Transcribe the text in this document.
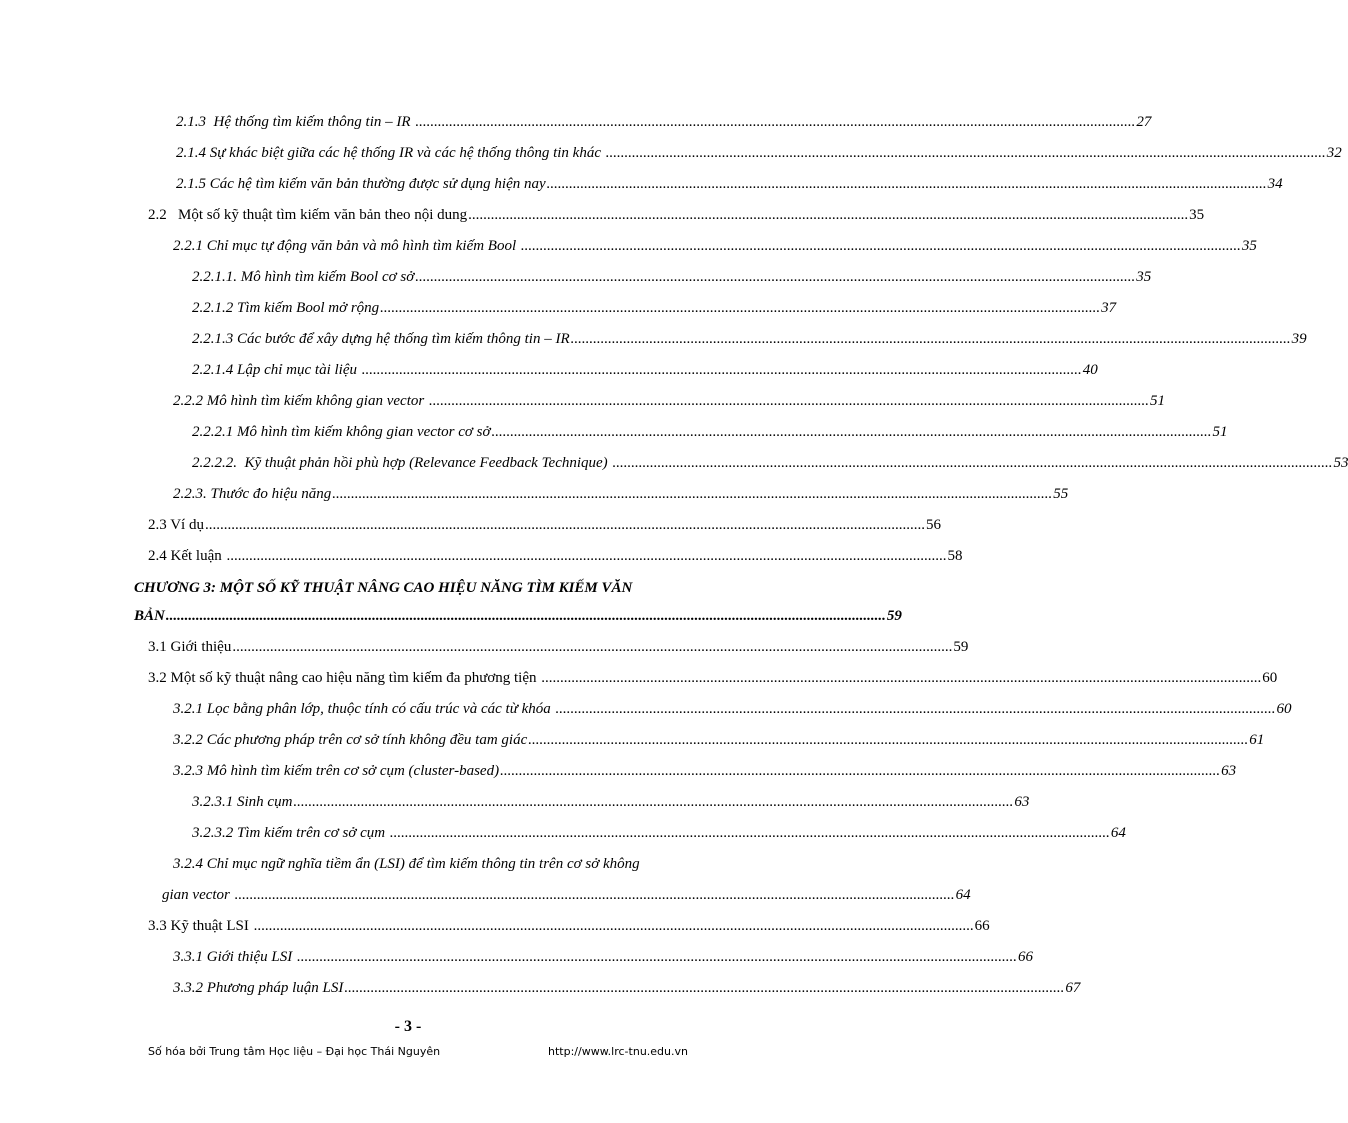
2.1.3  Hệ thống tìm kiếm thông tin – IR ................................................................................................................................................................................................ 27
2.1.4 Sự khác biệt giữa các hệ thống IR và các hệ thống thông tin khác ................................................................................................................................................................................................ 32
2.1.5 Các hệ tìm kiếm văn bản thường được sử dụng hiện nay ................................................................................................................................................................................................ 34
2.2   Một số kỹ thuật tìm kiếm văn bản theo nội dung ................................................................................................................................................................................................ 35
2.2.1 Chỉ mục tự động văn bản và mô hình tìm kiếm Bool ................................................................................................................................................................................................ 35
2.2.1.1. Mô hình tìm kiếm Bool cơ sở ................................................................................................................................................................................................ 35
2.2.1.2 Tìm kiếm Bool mở rộng ................................................................................................................................................................................................ 37
2.2.1.3 Các bước để xây dựng hệ thống tìm kiếm thông tin – IR ................................................................................................................................................................................................ 39
2.2.1.4 Lập chỉ mục tài liệu ................................................................................................................................................................................................ 40
2.2.2 Mô hình tìm kiếm không gian vector ................................................................................................................................................................................................ 51
2.2.2.1 Mô hình tìm kiếm không gian vector cơ sở ................................................................................................................................................................................................ 51
2.2.2.2.  Kỹ thuật phản hồi phù hợp (Relevance Feedback Technique) ................................................................................................................................................................................................ 53
2.2.3. Thước đo hiệu năng ................................................................................................................................................................................................ 55
2.3 Ví dụ ................................................................................................................................................................................................ 56
2.4 Kết luận ................................................................................................................................................................................................ 58
CHƯƠNG 3: MỘT SỐ KỸ THUẬT NÂNG CAO HIỆU NĂNG TÌM KIẾM VĂN
BẢN ................................................................................................................................................................................................ 59
3.1 Giới thiệu ................................................................................................................................................................................................ 59
3.2 Một số kỹ thuật nâng cao hiệu năng tìm kiếm đa phương tiện ................................................................................................................................................................................................ 60
3.2.1 Lọc bằng phân lớp, thuộc tính có cấu trúc và các từ khóa ................................................................................................................................................................................................ 60
3.2.2 Các phương pháp trên cơ sở tính không đều tam giác ................................................................................................................................................................................................ 61
3.2.3 Mô hình tìm kiếm trên cơ sở cụm (cluster-based) ................................................................................................................................................................................................ 63
3.2.3.1 Sinh cụm ................................................................................................................................................................................................ 63
3.2.3.2 Tìm kiếm trên cơ sở cụm ................................................................................................................................................................................................ 64
3.2.4 Chỉ mục ngữ nghĩa tiềm ẩn (LSI) để tìm kiếm thông tin trên cơ sở không
gian vector ................................................................................................................................................................................................ 64
3.3 Kỹ thuật LSI ................................................................................................................................................................................................ 66
3.3.1 Giới thiệu LSI ................................................................................................................................................................................................ 66
3.3.2 Phương pháp luận LSI ................................................................................................................................................................................................ 67
- 3 -
Số hóa bởi Trung tâm Học liệu – Đại học Thái Nguyên	http://www.lrc-tnu.edu.vn
